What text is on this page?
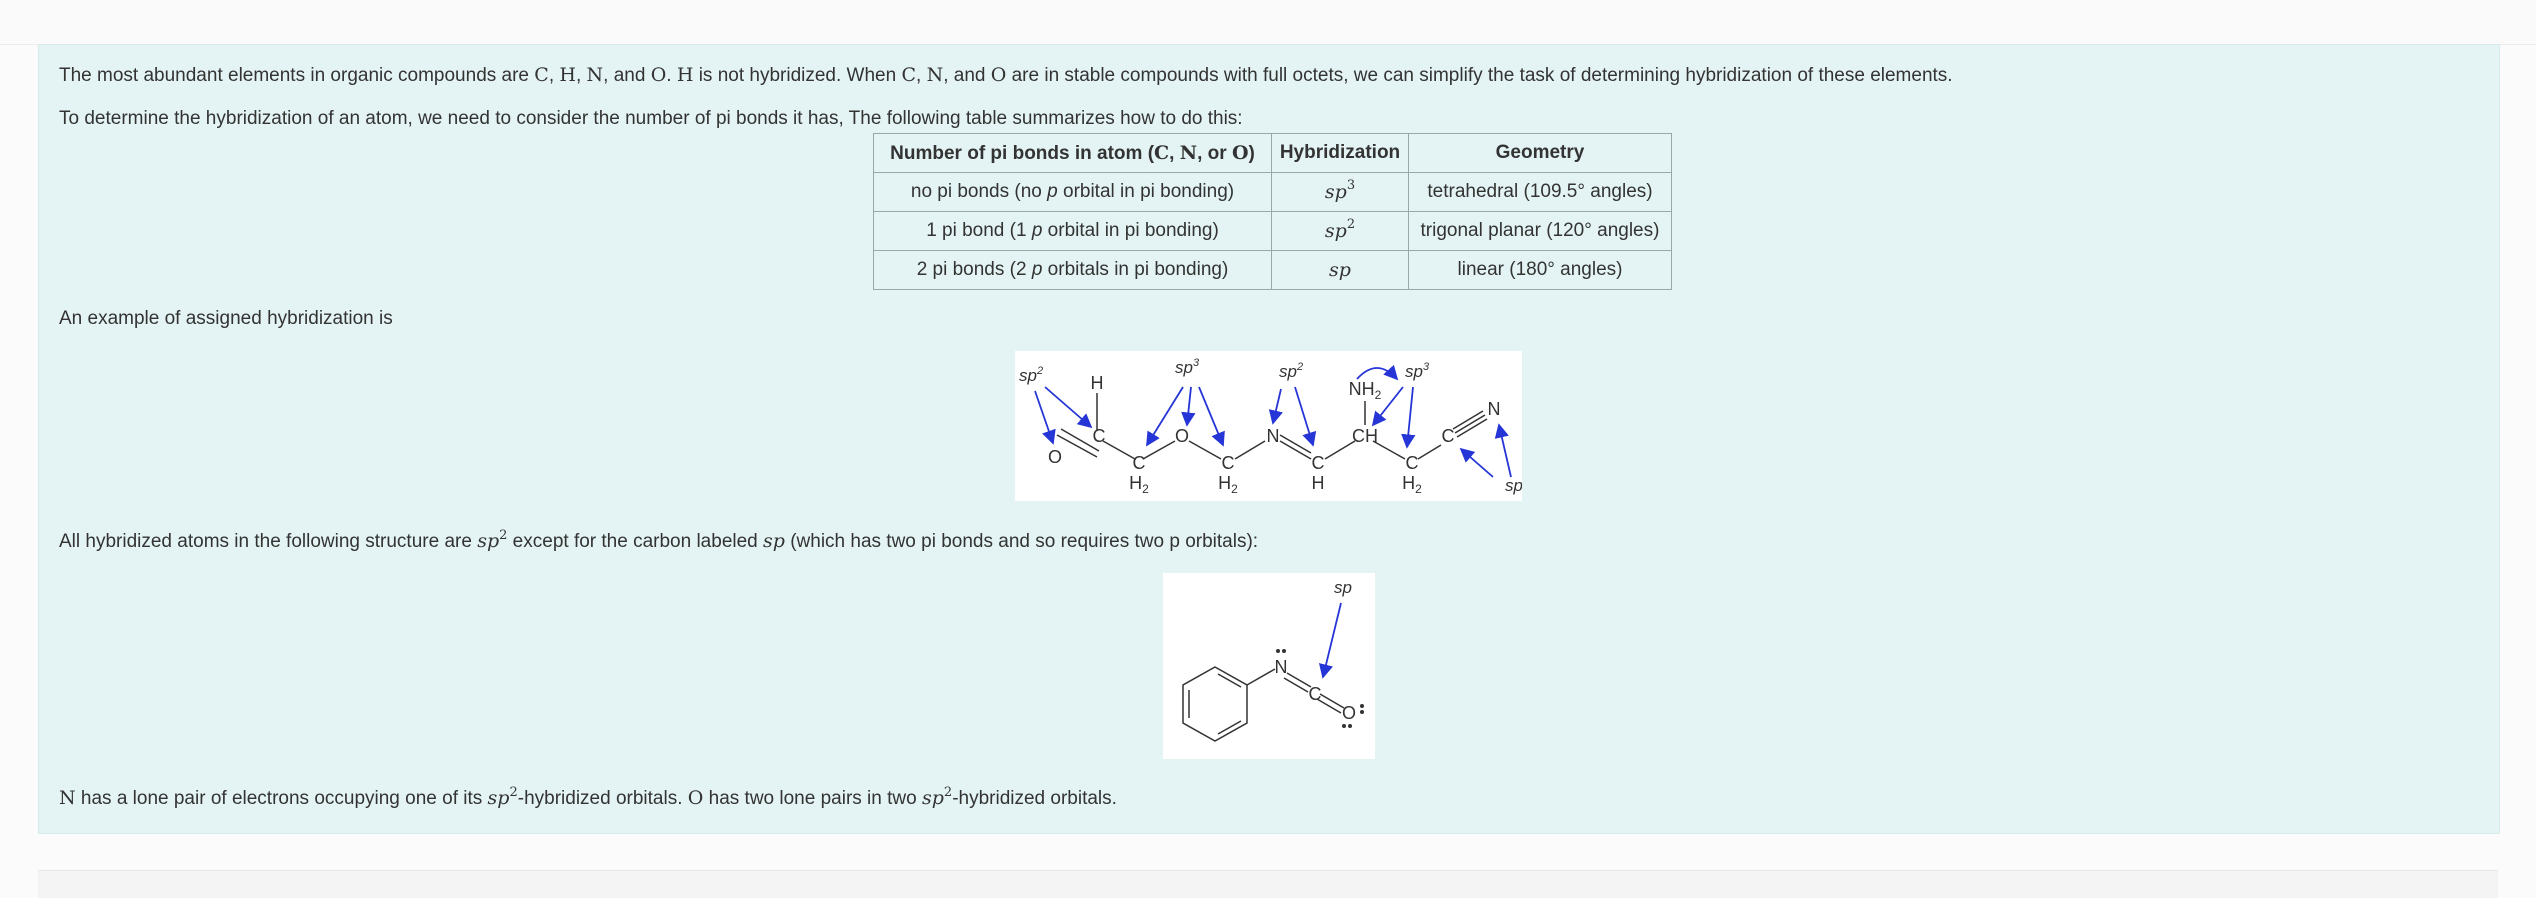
The most abundant elements in organic compounds are C, H, N, and O. H is not hybridized. When C, N, and O are in stable compounds with full octets, we can simplify the task of determining hybridization of these elements.
To determine the hybridization of an atom, we need to consider the number of pi bonds it has, The following table summarizes how to do this:
Number of pi bonds in atom (C, N, or O)	Hybridization	Geometry
no pi bonds (no p orbital in pi bonding)	$sp^3$	tetrahedral (109.5° angles)
1 pi bond (1 p orbital in pi bonding)	$sp^2$	trigonal planar (120° angles)
2 pi bonds (2 p orbitals in pi bonding)	sp	linear (180° angles)
An example of assigned hybridization is
H
C
O	C
$H_2$
O
C
$H_2$
N
C
H
CH
$NH_2$
C
$H_2$
C
N
$sp^2$	$sp^3$	$sp^2$	$sp^3$
sp
All hybridized atoms in the following structure are $sp^2$ except for the carbon labeled sp (which has two pi bonds and so requires two p orbitals):
N
C
O
sp
N has a lone pair of electrons occupying one of its $sp^2$-hybridized orbitals. O has two lone pairs in two $sp^2$-hybridized orbitals.
